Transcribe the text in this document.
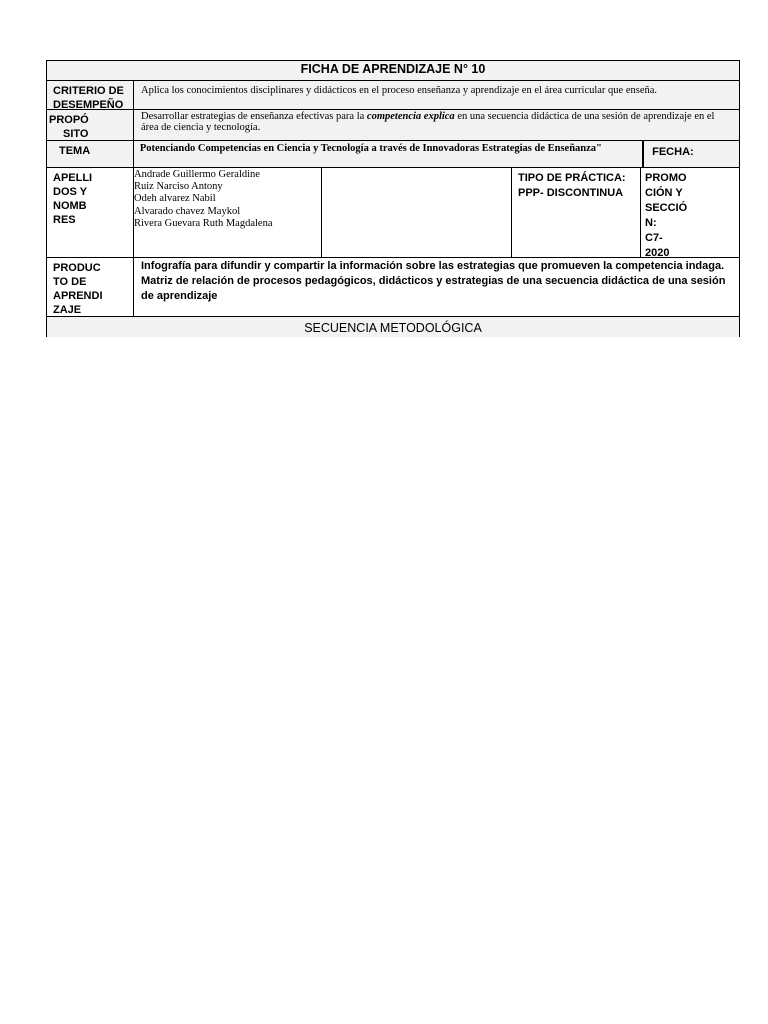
FICHA DE APRENDIZAJE N° 10
CRITERIO DE
DESEMPEÑO
Aplica los conocimientos disciplinares y didácticos en el proceso enseñanza y aprendizaje en el área curricular que enseña.
PROPÓ
SITO
Desarrollar estrategias de enseñanza efectivas para la competencia explica en una secuencia didáctica de una sesión de aprendizaje en el área de ciencia y tecnología.
TEMA	Potenciando Competencias en Ciencia y Tecnología a través de Innovadoras Estrategias de Enseñanza"	FECHA:
APELLI
DOS Y
NOMB
RES
Andrade Guillermo Geraldine
Ruiz Narciso Antony
Odeh alvarez Nabil
Alvarado chavez Maykol
Rivera Guevara Ruth Magdalena
TIPO DE PRÁCTICA:
PPP- DISCONTINUA
PROMO
CIÓN Y
SECCIÓ
N:
C7-
2020
PRODUC
TO DE
APRENDI
ZAJE
Infografía para difundir y compartir la información sobre las estrategias que promueven la competencia indaga.
Matriz de relación de procesos pedagógicos, didácticos y estrategias de una secuencia didáctica de una sesión de aprendizaje
SECUENCIA METODOLÓGICA
